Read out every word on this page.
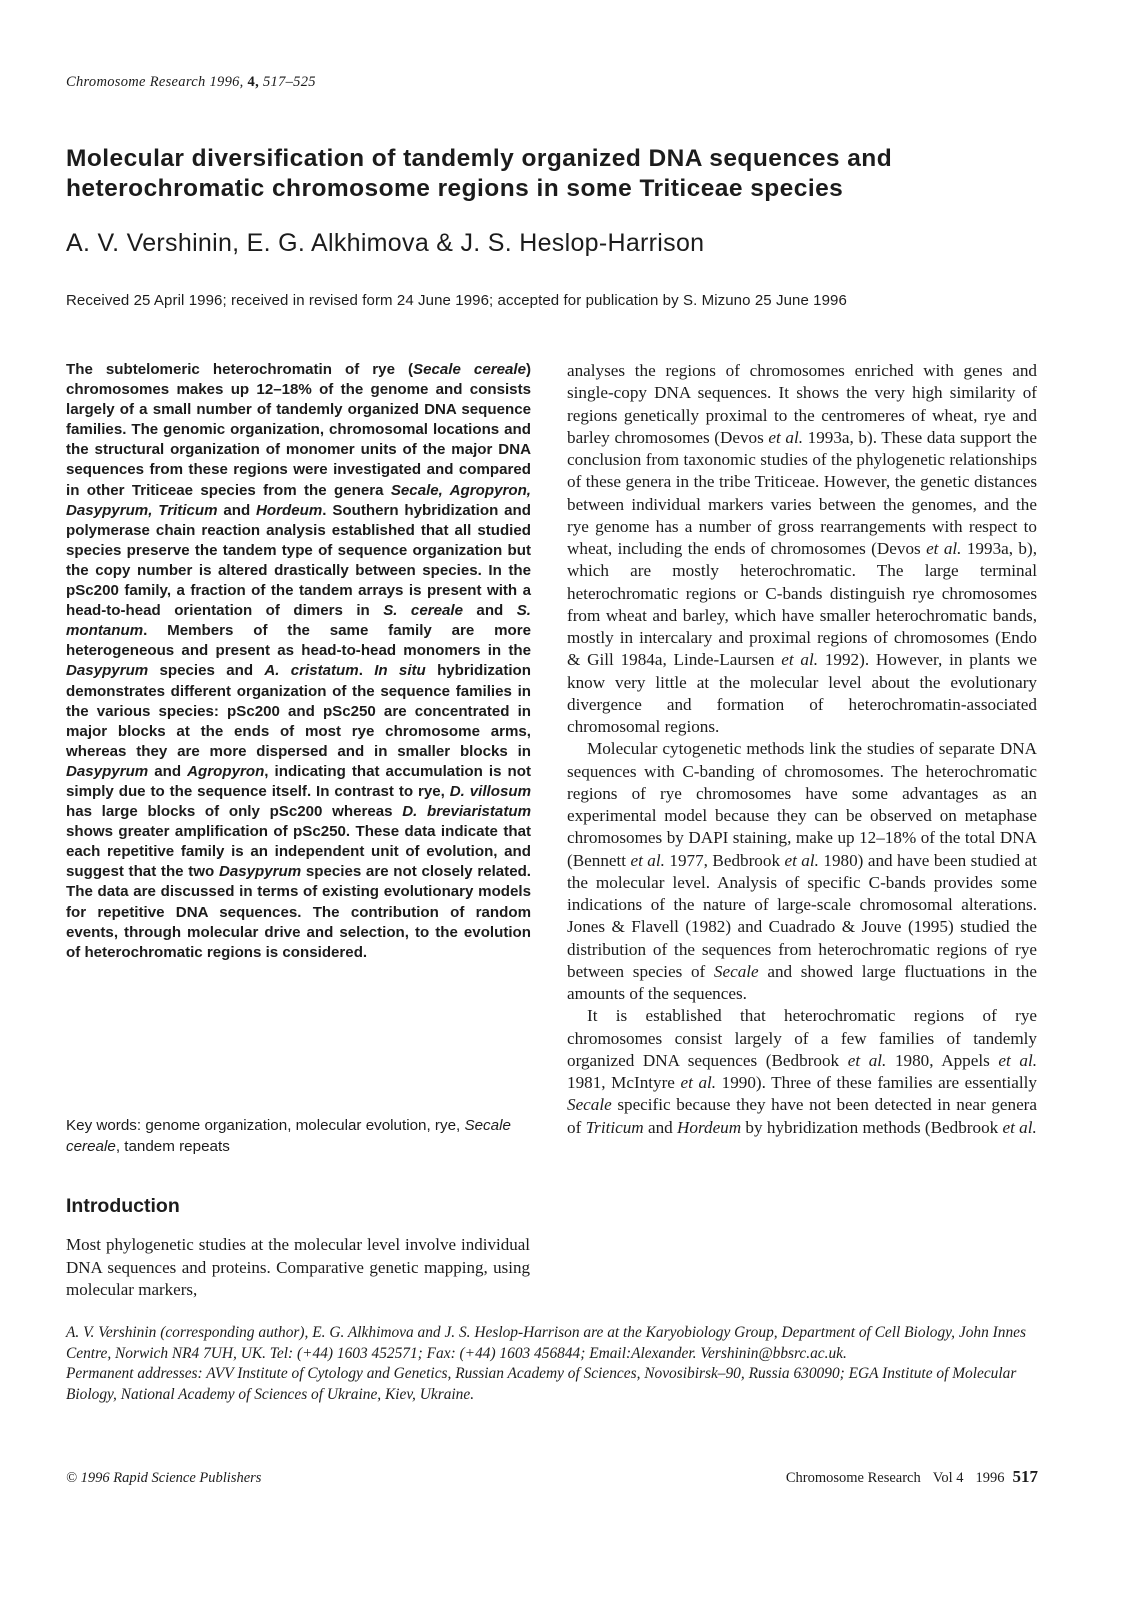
Chromosome Research 1996, 4, 517–525
Molecular diversification of tandemly organized DNA sequences and
heterochromatic chromosome regions in some Triticeae species
A. V. Vershinin, E. G. Alkhimova & J. S. Heslop-Harrison
Received 25 April 1996; received in revised form 24 June 1996; accepted for publication by S. Mizuno 25 June 1996

The subtelomeric heterochromatin of rye (Secale cereale) chromosomes makes up 12–18% of the genome and consists largely of a small number of tandemly organized DNA sequence families. The genomic organization, chromosomal locations and the structural organization of monomer units of the major DNA sequences from these regions were investigated and compared in other Triticeae species from the genera Secale, Agropyron, Dasypyrum, Triticum and Hordeum. Southern hybridization and polymerase chain reaction analysis established that all studied species preserve the tandem type of sequence organization but the copy number is altered drastically between species. In the pSc200 family, a fraction of the tandem arrays is present with a head-to-head orientation of dimers in S. cereale and S. montanum. Members of the same family are more heterogeneous and present as head-to-head monomers in the Dasypyrum species and A. cristatum. In situ hybridization demonstrates different organization of the sequence families in the various species: pSc200 and pSc250 are concentrated in major blocks at the ends of most rye chromosome arms, whereas they are more dispersed and in smaller blocks in Dasypyrum and Agropyron, indicating that accumulation is not simply due to the sequence itself. In contrast to rye, D. villosum has large blocks of only pSc200 whereas D. breviaristatum shows greater amplification of pSc250. These data indicate that each repetitive family is an independent unit of evolution, and suggest that the two Dasypyrum species are not closely related. The data are discussed in terms of existing evolutionary models for repetitive DNA sequences. The contribution of random events, through molecular drive and selection, to the evolution of heterochromatic regions is considered.

Key words: genome organization, molecular evolution, rye, Secale cereale, tandem repeats

Introduction

Most phylogenetic studies at the molecular level involve individual DNA sequences and proteins. Comparative genetic mapping, using molecular markers,

analyses the regions of chromosomes enriched with genes and single-copy DNA sequences. It shows the very high similarity of regions genetically proximal to the centromeres of wheat, rye and barley chromosomes (Devos et al. 1993a, b). These data support the conclusion from taxonomic studies of the phylogenetic relationships of these genera in the tribe Triticeae. However, the genetic distances between individual markers varies between the genomes, and the rye genome has a number of gross rearrangements with respect to wheat, including the ends of chromosomes (Devos et al. 1993a, b), which are mostly heterochromatic. The large terminal heterochromatic regions or C-bands distinguish rye chromosomes from wheat and barley, which have smaller heterochromatic bands, mostly in intercalary and proximal regions of chromosomes (Endo & Gill 1984a, Linde-Laursen et al. 1992). However, in plants we know very little at the molecular level about the evolutionary divergence and formation of heterochromatin-associated chromosomal regions.

Molecular cytogenetic methods link the studies of separate DNA sequences with C-banding of chromosomes. The heterochromatic regions of rye chromosomes have some advantages as an experimental model because they can be observed on metaphase chromosomes by DAPI staining, make up 12–18% of the total DNA (Bennett et al. 1977, Bedbrook et al. 1980) and have been studied at the molecular level. Analysis of specific C-bands provides some indications of the nature of large-scale chromosomal alterations. Jones & Flavell (1982) and Cuadrado & Jouve (1995) studied the distribution of the sequences from heterochromatic regions of rye between species of Secale and showed large fluctuations in the amounts of the sequences.

It is established that heterochromatic regions of rye chromosomes consist largely of a few families of tandemly organized DNA sequences (Bedbrook et al. 1980, Appels et al. 1981, McIntyre et al. 1990). Three of these families are essentially Secale specific because they have not been detected in near genera of Triticum and Hordeum by hybridization methods (Bedbrook et al.

A. V. Vershinin (corresponding author), E. G. Alkhimova and J. S. Heslop-Harrison are at the Karyobiology Group, Department of Cell Biology, John Innes Centre, Norwich NR4 7UH, UK. Tel: (+44) 1603 452571; Fax: (+44) 1603 456844; Email:Alexander. Vershinin@bbsrc.ac.uk.
Permanent addresses: AVV Institute of Cytology and Genetics, Russian Academy of Sciences, Novosibirsk–90, Russia 630090; EGA Institute of Molecular Biology, National Academy of Sciences of Ukraine, Kiev, Ukraine.
© 1996 Rapid Science Publishers	Chromosome Research Vol 4 1996 517
